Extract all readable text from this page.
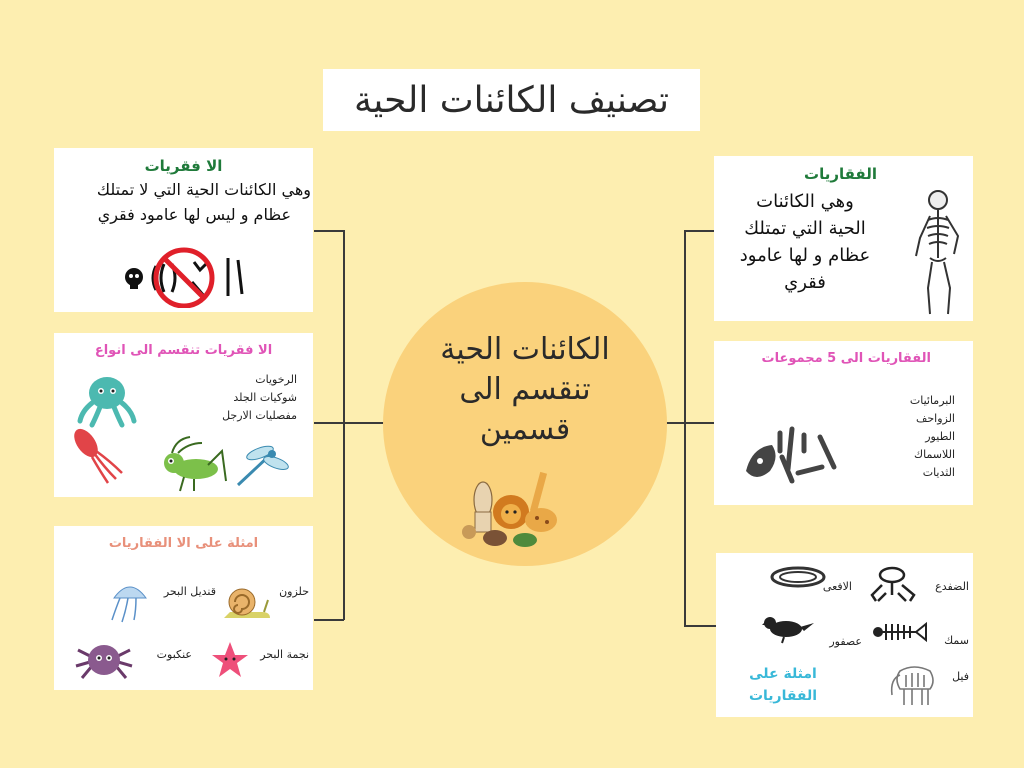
تصنيف الكائنات الحية
الكائنات الحية
تنقسم الى
قسمين
الا فقريات
وهي الكائنات الحية التي لا تمتلك
عظام و ليس لها عامود فقري
الا فقريات تنقسم الى انواع
الرخويات
شوكيات الجلد
مفصليات الارجل
امثلة على الا الفقاريات
قنديل البحر	حلزون
عنكبوت	نجمة البحر
الفقاريات
وهي الكائنات
الحية التي تمتلك
عظام و لها عامود
فقري
الفقاريات الى 5 مجموعات
البرمائيات
الزواحف
الطيور
اللاسماك
الثديات
الضفدع
الافعى
سمك
عصفور
فيل
امثلة على
الفقاريات
